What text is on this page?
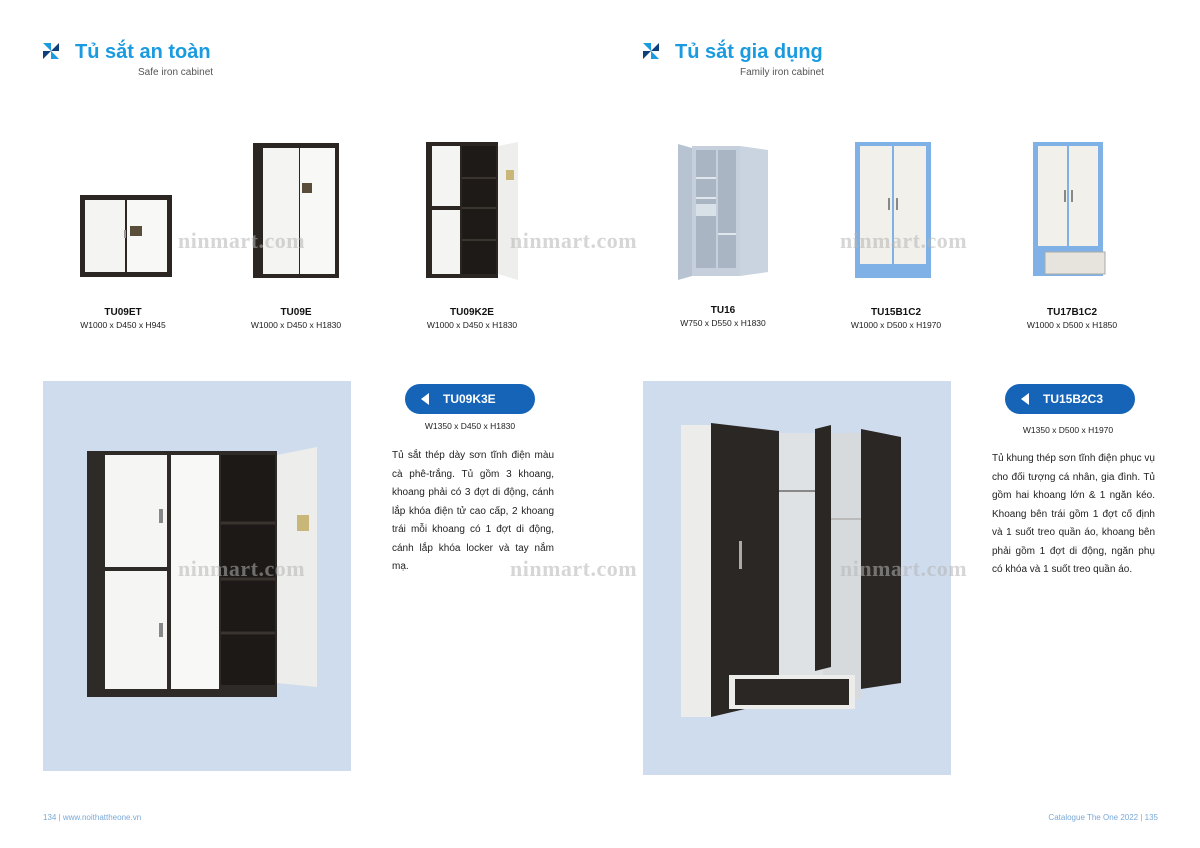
Tủ sắt an toàn
Safe iron cabinet
Tủ sắt gia dụng
Family iron cabinet
TU09ET
W1000 x D450 x H945
TU09E
W1000 x D450 x H1830
TU09K2E
W1000 x D450 x H1830
TU16
W750 x D550 x H1830
TU15B1C2
W1000 x D500 x H1970
TU17B1C2
W1000 x D500 x H1850
TU09K3E
W1350 x D450 x H1830
Tủ sắt thép dày sơn tĩnh điện màu cà phê-trắng. Tủ gồm 3 khoang, khoang phải có 3 đợt di động, cánh lắp khóa điện tử cao cấp, 2 khoang trái mỗi khoang có 1 đợt di động, cánh lắp khóa locker và tay nắm mạ.
TU15B2C3
W1350 x D500 x H1970
Tủ khung thép sơn tĩnh điện phục vụ cho đối tượng cá nhân, gia đình. Tủ gồm hai khoang lớn & 1 ngăn kéo. Khoang bên trái gồm 1 đợt cố định và 1 suốt treo quần áo, khoang bên phải gồm 1 đợt di động, ngăn phụ có khóa và 1 suốt treo quần áo.
ninmart.com	ninmart.com	ninmart.com
ninmart.com	ninmart.com	ninmart.com
134 | www.noithattheone.vn	Catalogue The One 2022 | 135
